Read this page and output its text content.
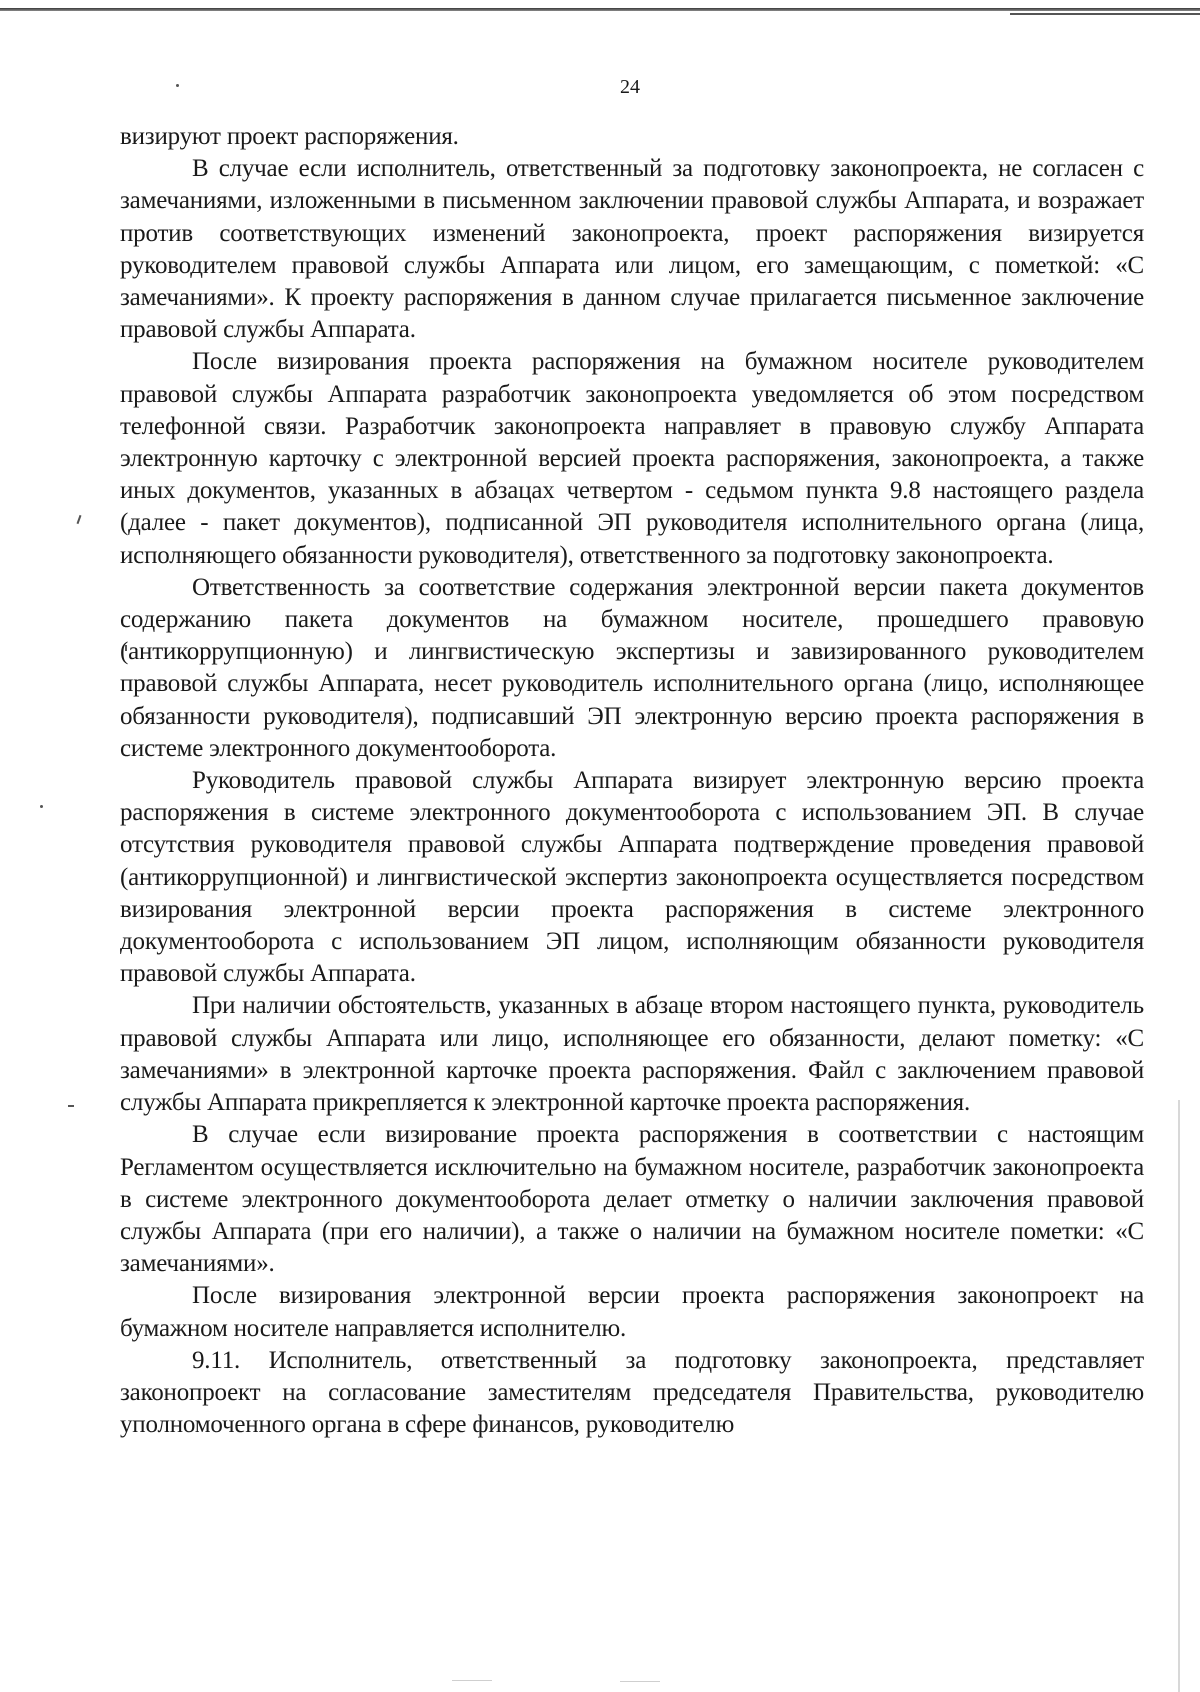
24

визируют проект распоряжения.

В случае если исполнитель, ответственный за подготовку законопроекта, не согласен с замечаниями, изложенными в письменном заключении правовой службы Аппарата, и возражает против соответствующих изменений законопроекта, проект распоряжения визируется руководителем правовой службы Аппарата или лицом, его замещающим, с пометкой: «С замечаниями». К проекту распоряжения в данном случае прилагается письменное заключение правовой службы Аппарата.

После визирования проекта распоряжения на бумажном носителе руководителем правовой службы Аппарата разработчик законопроекта уведомляется об этом посредством телефонной связи. Разработчик законопроекта направляет в правовую службу Аппарата электронную карточку с электронной версией проекта распоряжения, законопроекта, а также иных документов, указанных в абзацах четвертом - седьмом пункта 9.8 настоящего раздела (далее - пакет документов), подписанной ЭП руководителя исполнительного органа (лица, исполняющего обязанности руководителя), ответственного за подготовку законопроекта.

Ответственность за соответствие содержания электронной версии пакета документов содержанию пакета документов на бумажном носителе, прошедшего правовую (антикоррупционную) и лингвистическую экспертизы и завизированного руководителем правовой службы Аппарата, несет руководитель исполнительного органа (лицо, исполняющее обязанности руководителя), подписавший ЭП электронную версию проекта распоряжения в системе электронного документооборота.

Руководитель правовой службы Аппарата визирует электронную версию проекта распоряжения в системе электронного документооборота с использованием ЭП. В случае отсутствия руководителя правовой службы Аппарата подтверждение проведения правовой (антикоррупционной) и лингвистической экспертиз законопроекта осуществляется посредством визирования электронной версии проекта распоряжения в системе электронного документооборота с использованием ЭП лицом, исполняющим обязанности руководителя правовой службы Аппарата.

При наличии обстоятельств, указанных в абзаце втором настоящего пункта, руководитель правовой службы Аппарата или лицо, исполняющее его обязанности, делают пометку: «С замечаниями» в электронной карточке проекта распоряжения. Файл с заключением правовой службы Аппарата прикрепляется к электронной карточке проекта распоряжения.

В случае если визирование проекта распоряжения в соответствии с настоящим Регламентом осуществляется исключительно на бумажном носителе, разработчик законопроекта в системе электронного документооборота делает отметку о наличии заключения правовой службы Аппарата (при его наличии), а также о наличии на бумажном носителе пометки: «С замечаниями».

После визирования электронной версии проекта распоряжения законопроект на бумажном носителе направляется исполнителю.

9.11. Исполнитель, ответственный за подготовку законопроекта, представляет законопроект на согласование заместителям председателя Правительства, руководителю уполномоченного органа в сфере финансов, руководителю
